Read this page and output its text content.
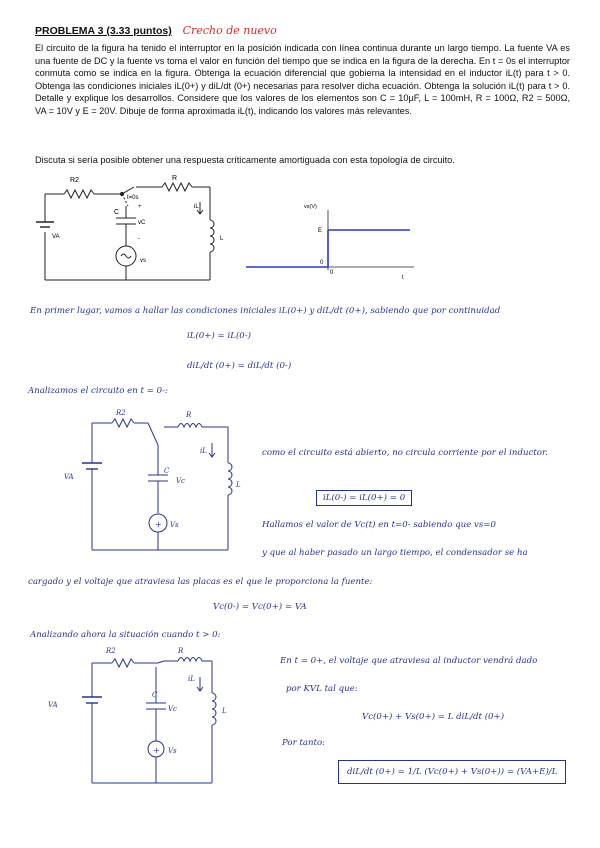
PROBLEMA 3 (3.33 puntos) Crecho de nuevo
El circuito de la figura ha tenido el interruptor en la posición indicada con línea continua durante un largo tiempo. La fuente VA es una fuente de DC y la fuente vs toma el valor en función del tiempo que se indica en la figura de la derecha. En t = 0s el interruptor conmuta como se indica en la figura. Obtenga la ecuación diferencial que gobierna la intensidad en el inductor iL(t) para t > 0. Obtenga las condiciones iniciales iL(0+) y diL/dt (0+) necesarias para resolver dicha ecuación. Obtenga la solución iL(t) para t > 0. Detalle y explique los desarrollos. Considere que los valores de los elementos son C = 10μF, L = 100mH, R = 100Ω, R2 = 500Ω, VA = 10V y E = 20V. Dibuje de forma aproximada iL(t), indicando los valores más relevantes.
Discuta si sería posible obtener una respuesta críticamente amortiguada con esta topología de circuito.
R2	R
t=0s
+
-
C
vC
VA
vs
iL
L
vs(V)
E
0
0
t
En primer lugar, vamos a hallar las condiciones iniciales iL(0+) y diL/dt (0+), sabiendo que por continuidad
iL(0+) = iL(0-)
diL/dt (0+) = diL/dt (0-)
Analizamos el circuito en t = 0-:
+
R2	R
C
Vc
VA
Vs
iL
L
como el circuito está abierto, no circula corriente por el inductor.
iL(0-) = iL(0+) = 0
Hallamos el valor de Vc(t) en t=0- sabiendo que vs=0
y que al haber pasado un largo tiempo, el condensador se ha
cargado y el voltaje que atraviesa las placas es el que le proporciona la fuente:
Vc(0-) = Vc(0+) = VA
Analizando ahora la situación cuando t > 0:
+
R2	R
C
Vc
VA
Vs
iL
L
En t = 0+, el voltaje que atraviesa al inductor vendrá dado
por KVL tal que:
Vc(0+) + Vs(0+) = L diL/dt (0+)
Por tanto:
diL/dt (0+) = 1/L (Vc(0+) + Vs(0+)) = (VA+E)/L
